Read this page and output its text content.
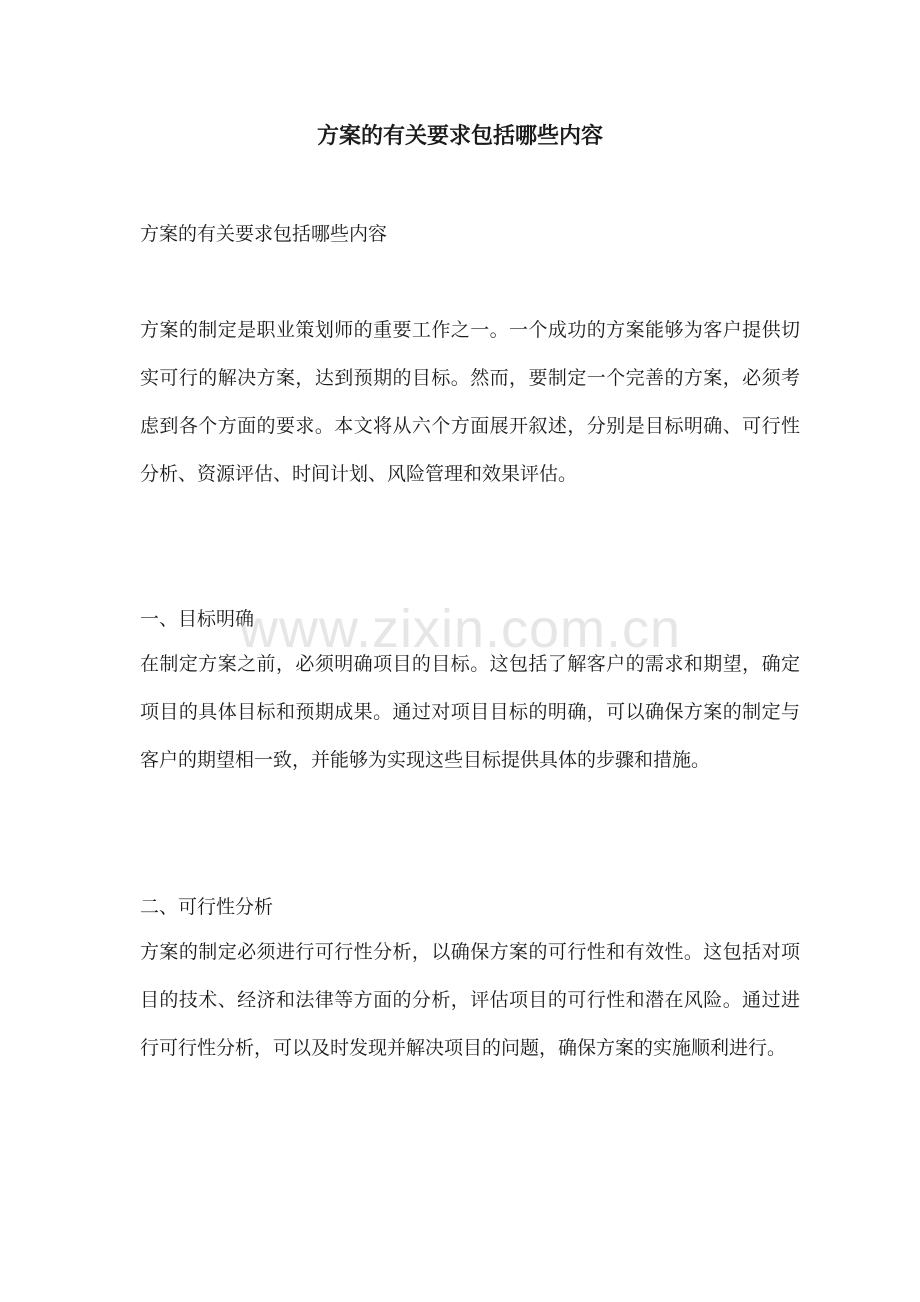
方案的有关要求包括哪些内容

方案的有关要求包括哪些内容

方案的制定是职业策划师的重要工作之一。一个成功的方案能够为客户提供切实可行的解决方案，达到预期的目标。然而，要制定一个完善的方案，必须考虑到各个方面的要求。本文将从六个方面展开叙述，分别是目标明确、可行性分析、资源评估、时间计划、风险管理和效果评估。

一、目标明确

在制定方案之前，必须明确项目的目标。这包括了解客户的需求和期望，确定项目的具体目标和预期成果。通过对项目目标的明确，可以确保方案的制定与客户的期望相一致，并能够为实现这些目标提供具体的步骤和措施。

二、可行性分析

方案的制定必须进行可行性分析，以确保方案的可行性和有效性。这包括对项目的技术、经济和法律等方面的分析，评估项目的可行性和潜在风险。通过进行可行性分析，可以及时发现并解决项目的问题，确保方案的实施顺利进行。

www.zixin.com.cn
